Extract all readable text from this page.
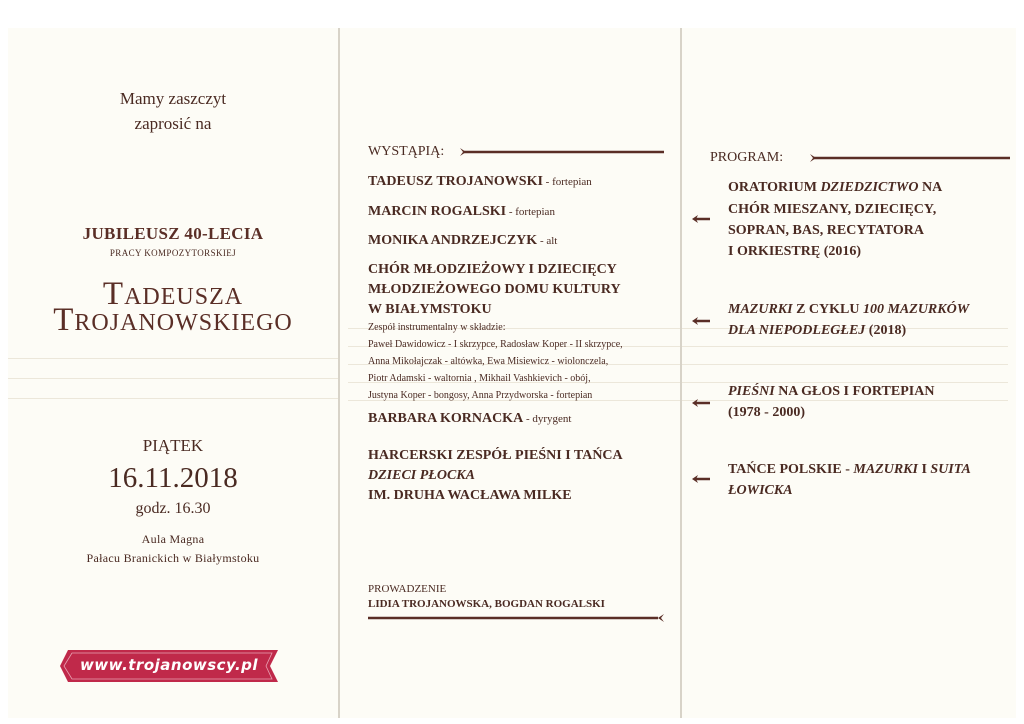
Mamy zaszczyt
zaprosić na
JUBILEUSZ 40-LECIA
PRACY KOMPOZYTORSKIEJ
TADEUSZA
TROJANOWSKIEGO
PIĄTEK
16.11.2018
godz. 16.30
Aula Magna
Pałacu Branickich w Białymstoku
www.trojanowscy.pl
WYSTĄPIĄ:
TADEUSZ TROJANOWSKI - fortepian
MARCIN ROGALSKI - fortepian
MONIKA ANDRZEJCZYK - alt
CHÓR MŁODZIEŻOWY I DZIECIĘCY
MŁODZIEŻOWEGO DOMU KULTURY
W BIAŁYMSTOKU
Zespół instrumentalny w składzie:
Paweł Dawidowicz - I skrzypce, Radosław Koper - II skrzypce,
Anna Mikołajczak - altówka, Ewa Misiewicz - wiolonczela,
Piotr Adamski - waltornia , Mikhail Vashkievich - obój,
Justyna Koper - bongosy, Anna Przydworska - fortepian
BARBARA KORNACKA - dyrygent
HARCERSKI ZESPÓŁ PIEŚNI I TAŃCA
DZIECI PŁOCKA
IM. DRUHA WACŁAWA MILKE
PROWADZENIE
LIDIA TROJANOWSKA, BOGDAN ROGALSKI
PROGRAM:
ORATORIUM DZIEDZICTWO NA
CHÓR MIESZANY, DZIECIĘCY,
SOPRAN, BAS, RECYTATORA
I ORKIESTRĘ (2016)
MAZURKI Z CYKLU 100 MAZURKÓW
DLA NIEPODLEGŁEJ (2018)
PIEŚNI NA GŁOS I FORTEPIAN
(1978 - 2000)
TAŃCE POLSKIE - MAZURKI I SUITA
ŁOWICKA
